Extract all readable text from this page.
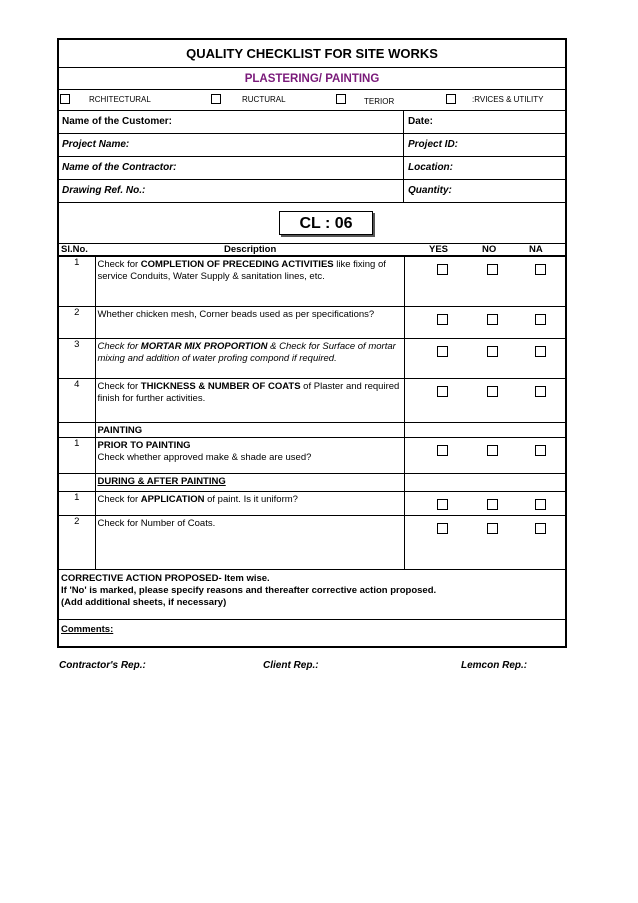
QUALITY CHECKLIST FOR SITE WORKS
PLASTERING/ PAINTING
RCHITECTURAL	RUCTURAL	TERIOR	:RVICES & UTILITY
Name of the Customer:	Date:
Project Name:	Project ID:
Name of the Contractor:	Location:
Drawing Ref. No.:	Quantity:
CL : 06
Sl.No.	Description	YES	NO	NA
1	Check for COMPLETION OF PRECEDING ACTIVITIES like fixing of service Conduits, Water Supply & sanitation lines, etc.	

2	Whether chicken mesh, Corner beads used as per specifications?	

3	Check for MORTAR MIX PROPORTION & Check for Surface of mortar mixing and addition of water profing compond if required.	

4	Check for THICKNESS & NUMBER OF COATS of Plaster and required finish for further activities.	

	PAINTING	
1	PRIOR TO PAINTING
Check whether approved make & shade are used?	

	DURING & AFTER PAINTING	
1	Check for APPLICATION of paint. Is it uniform?	

2	Check for Number of Coats.	
CORRECTIVE ACTION PROPOSED- Item wise.
If 'No' is marked, please specify reasons and thereafter corrective action proposed.
(Add additional sheets, if necessary)
Comments:
Contractor's Rep.:	Client Rep.:	Lemcon Rep.:
